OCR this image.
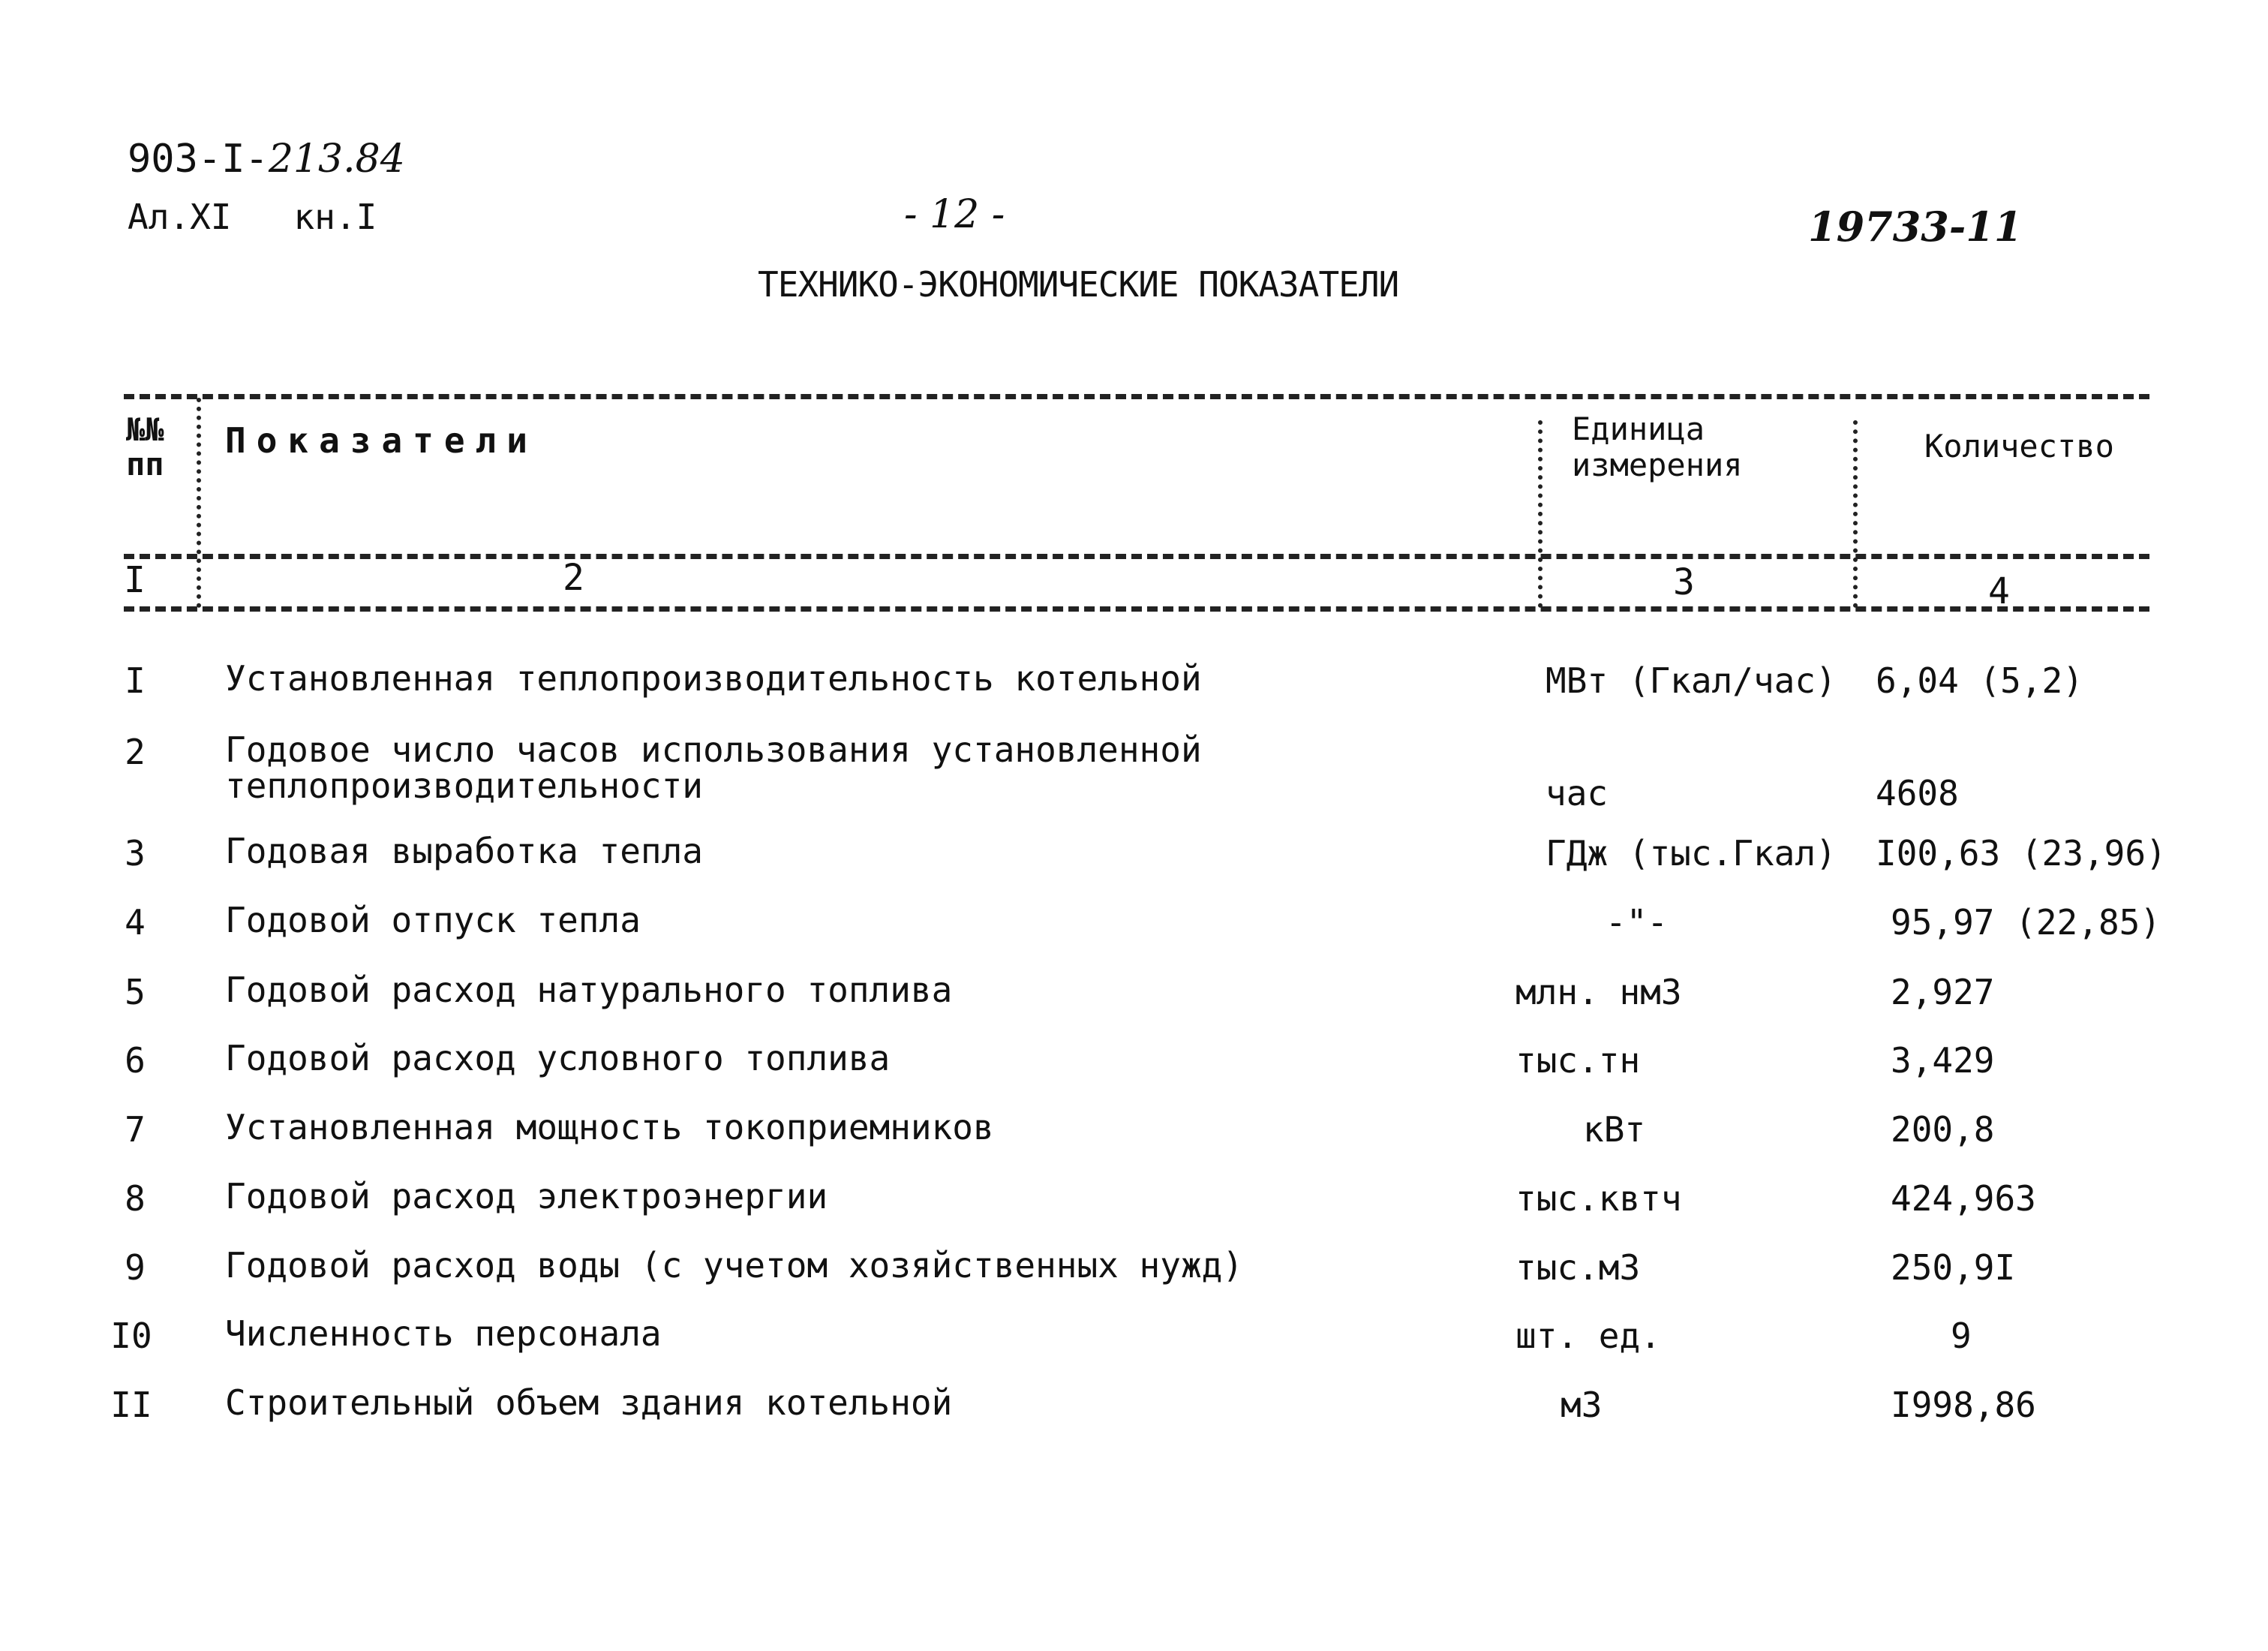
903-I-213.84
Ал.XI   кн.I	- 12 -	19733-11
ТЕХНИКО-ЭКОНОМИЧЕСКИЕ ПОКАЗАТЕЛИ
№№
пп
Показатели	Единица
измерения
Количество
I	2	3	4
I	Установленная теплопроизводительность котельной	МВт (Гкал/час) 6,04 (5,2)
2	Годовое число часов использования установленной теплопроизводительности	час	4608
3	Годовая выработка тепла	ГДж (тыс.Гкал) I00,63 (23,96)
4	Годовой отпуск тепла	-"-	95,97 (22,85)
5	Годовой расход натурального топлива	млн. нм3	2,927
6	Годовой расход условного топлива	тыс.тн	3,429
7	Установленная мощность токоприемников	кВт	200,8
8	Годовой расход электроэнергии	тыс.квтч	424,963
9	Годовой расход воды (с учетом хозяйственных нужд)	тыс.м3	250,9I
I0	Численность персонала	шт. ед.	9
II	Строительный объем здания котельной	м3	I998,86
